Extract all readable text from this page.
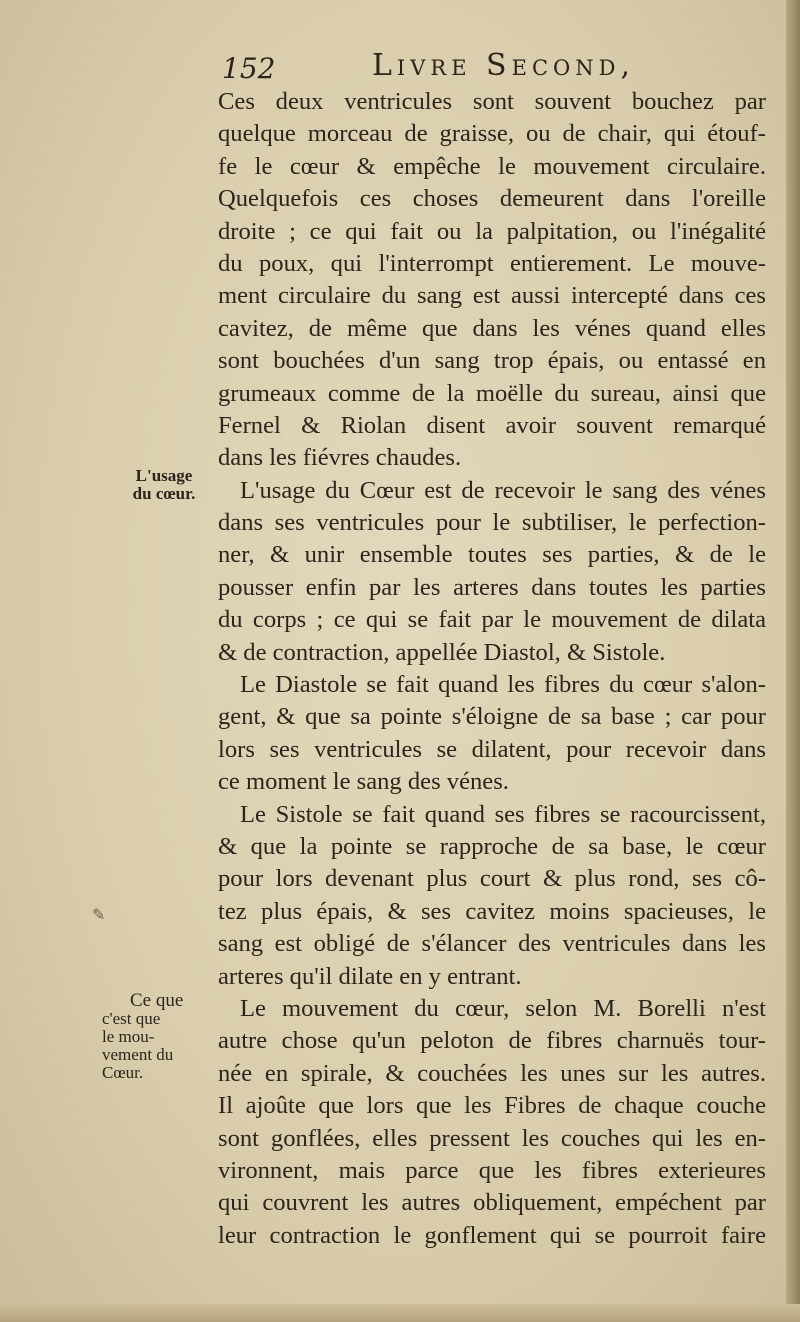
152	Livre Second,
L'usage
du cœur.
Ce que
c'est que
le mou-
vement du
Cœur.
✎
Ces deux ventricules sont souvent bouchez par
quelque morceau de graisse, ou de chair, qui étouf-
fe le cœur & empêche le mouvement circulaire.
Quelquefois ces choses demeurent dans l'oreille
droite ; ce qui fait ou la palpitation, ou l'inégalité
du poux, qui l'interrompt entierement. Le mouve-
ment circulaire du sang est aussi intercepté dans ces
cavitez, de même que dans les vénes quand elles
sont bouchées d'un sang trop épais, ou entassé en
grumeaux comme de la moëlle du sureau, ainsi que
Fernel & Riolan disent avoir souvent remarqué
dans les fiévres chaudes.
L'usage du Cœur est de recevoir le sang des vénes
dans ses ventricules pour le subtiliser, le perfection-
ner, & unir ensemble toutes ses parties, & de le
pousser enfin par les arteres dans toutes les parties
du corps ; ce qui se fait par le mouvement de dilata
& de contraction, appellée Diastol, & Sistole.
Le Diastole se fait quand les fibres du cœur s'alon-
gent, & que sa pointe s'éloigne de sa base ; car pour
lors ses ventricules se dilatent, pour recevoir dans
ce moment le sang des vénes.
Le Sistole se fait quand ses fibres se racourcissent,
& que la pointe se rapproche de sa base, le cœur
pour lors devenant plus court & plus rond, ses cô-
tez plus épais, & ses cavitez moins spacieuses, le
sang est obligé de s'élancer des ventricules dans les
arteres qu'il dilate en y entrant.
Le mouvement du cœur, selon M. Borelli n'est
autre chose qu'un peloton de fibres charnuës tour-
née en spirale, & couchées les unes sur les autres.
Il ajoûte que lors que les Fibres de chaque couche
sont gonflées, elles pressent les couches qui les en-
vironnent, mais parce que les fibres exterieures
qui couvrent les autres obliquement, empéchent par
leur contraction le gonflement qui se pourroit faire
